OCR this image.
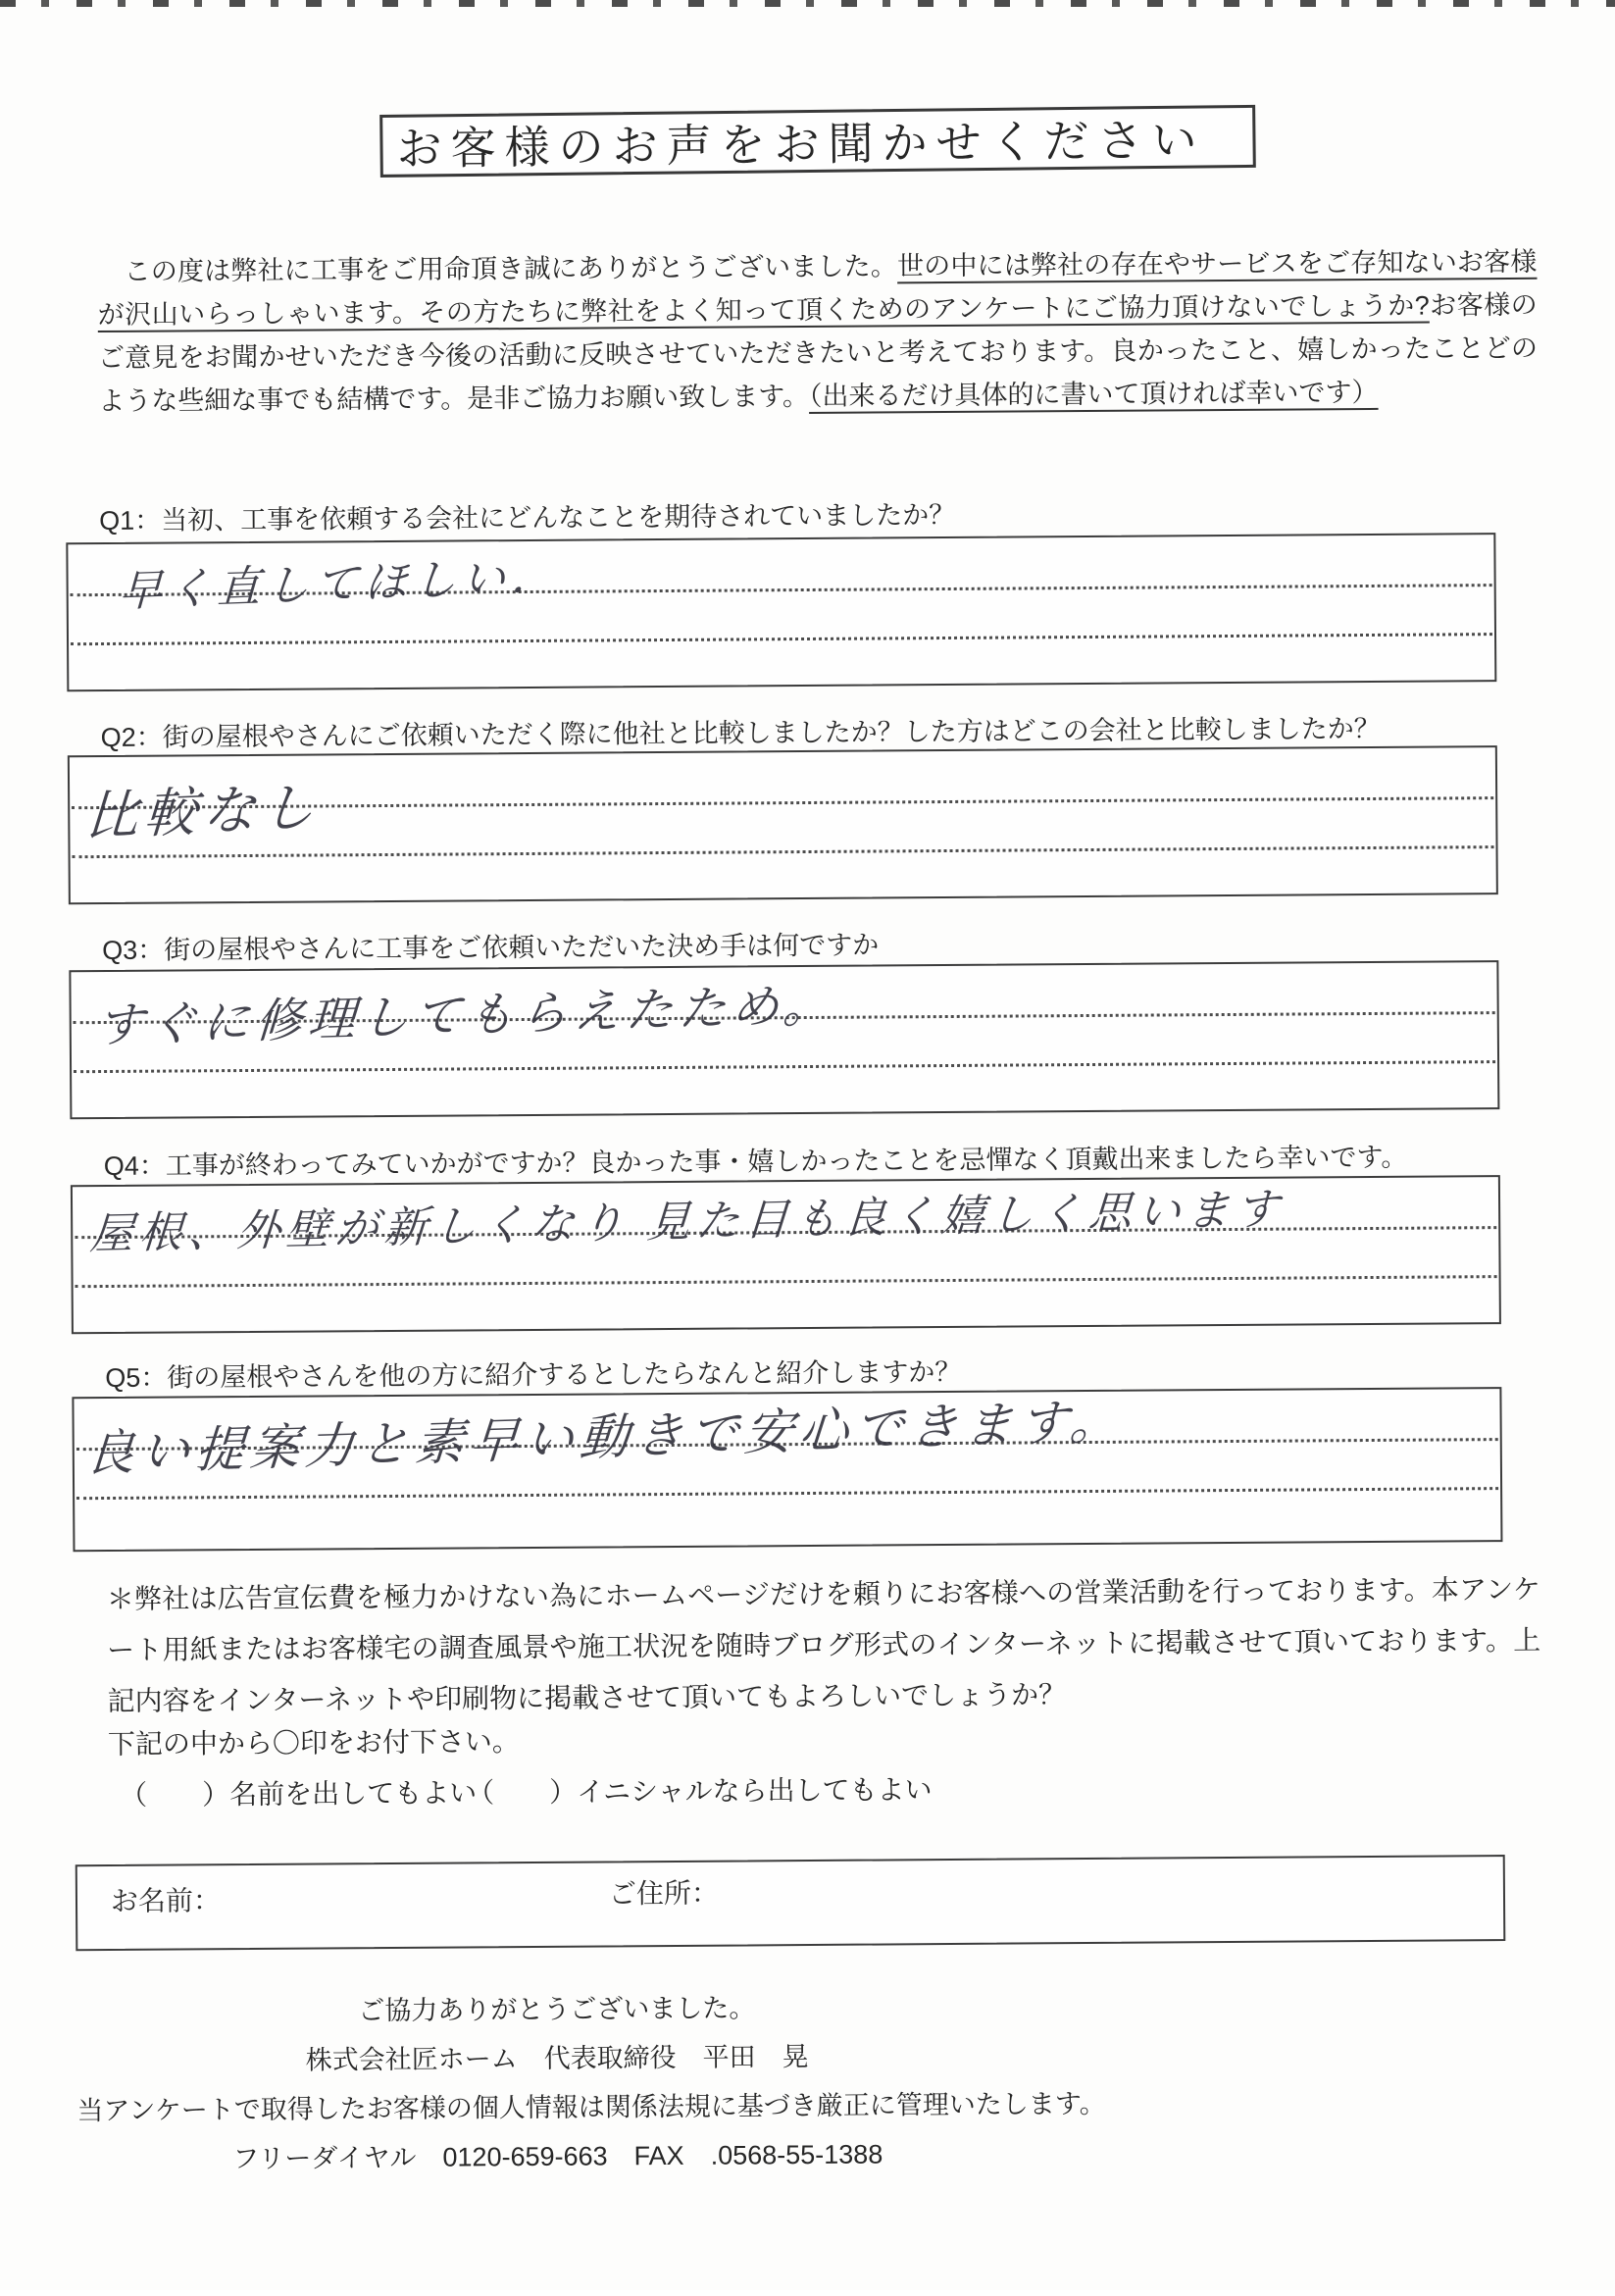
お客様のお声をお聞かせください
　この度は弊社に工事をご用命頂き誠にありがとうございました。世の中には弊社の存在やサービスをご存知ないお客様が沢山いらっしゃいます。その方たちに弊社をよく知って頂くためのアンケートにご協力頂けないでしょうか?お客様のご意見をお聞かせいただき今後の活動に反映させていただきたいと考えております。良かったこと、嬉しかったことどのような些細な事でも結構です。是非ご協力お願い致します。（出来るだけ具体的に書いて頂ければ幸いです）
Q1：当初、工事を依頼する会社にどんなことを期待されていましたか？
早く直してほしい．
Q2：街の屋根やさんにご依頼いただく際に他社と比較しましたか？した方はどこの会社と比較しましたか？
比較なし
Q3：街の屋根やさんに工事をご依頼いただいた決め手は何ですか
すぐに修理してもらえたため。
Q4：工事が終わってみていかがですか？良かった事・嬉しかったことを忌憚なく頂戴出来ましたら幸いです。
屋根、外壁が新しくなり 見た目も良く嬉しく思います
Q5：街の屋根やさんを他の方に紹介するとしたらなんと紹介しますか？
良い提案力と素早い動きで安心できます。
＊弊社は広告宣伝費を極力かけない為にホームページだけを頼りにお客様への営業活動を行っております。本アンケート用紙またはお客様宅の調査風景や施工状況を随時ブログ形式のインターネットに掲載させて頂いております。上記内容をインターネットや印刷物に掲載させて頂いてもよろしいでしょうか？
下記の中から〇印をお付下さい。
（　　）名前を出してもよい
（　　）イニシャルなら出してもよい
お名前：	ご住所：
ご協力ありがとうございました。
株式会社匠ホーム　代表取締役　平田　晃
当アンケートで取得したお客様の個人情報は関係法規に基づき厳正に管理いたします。
フリーダイヤル　0120-659-663　FAX　.0568-55-1388
